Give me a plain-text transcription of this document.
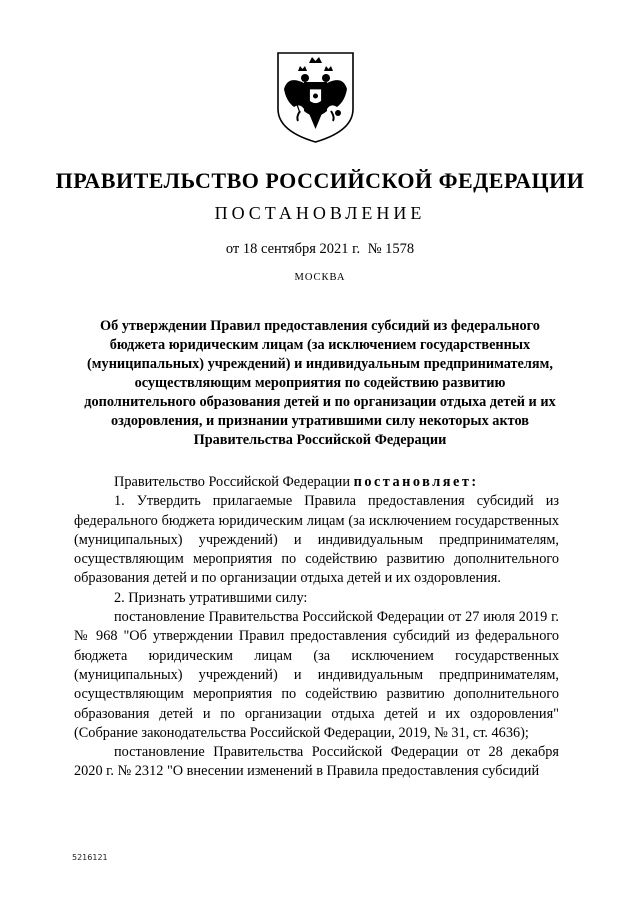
ПРАВИТЕЛЬСТВО РОССИЙСКОЙ ФЕДЕРАЦИИ
ПОСТАНОВЛЕНИЕ
от 18 сентября 2021 г. № 1578
МОСКВА
Об утверждении Правил предоставления субсидий из федерального бюджета юридическим лицам (за исключением государственных (муниципальных) учреждений) и индивидуальным предпринимателям, осуществляющим мероприятия по содействию развитию дополнительного образования детей и по организации отдыха детей и их оздоровления, и признании утратившими силу некоторых актов Правительства Российской Федерации

Правительство Российской Федерации постановляет:

1. Утвердить прилагаемые Правила предоставления субсидий из федерального бюджета юридическим лицам (за исключением государственных (муниципальных) учреждений) и индивидуальным предпринимателям, осуществляющим мероприятия по содействию развитию дополнительного образования детей и по организации отдыха детей и их оздоровления.

2. Признать утратившими силу:

постановление Правительства Российской Федерации от 27 июля 2019 г. № 968 "Об утверждении Правил предоставления субсидий из федерального бюджета юридическим лицам (за исключением государственных (муниципальных) учреждений) и индивидуальным предпринимателям, осуществляющим мероприятия по содействию развитию дополнительного образования детей и по организации отдыха детей и их оздоровления" (Собрание законодательства Российской Федерации, 2019, № 31, ст. 4636);

постановление Правительства Российской Федерации от 28 декабря 2020 г. № 2312 "О внесении изменений в Правила предоставления субсидий

5216121
